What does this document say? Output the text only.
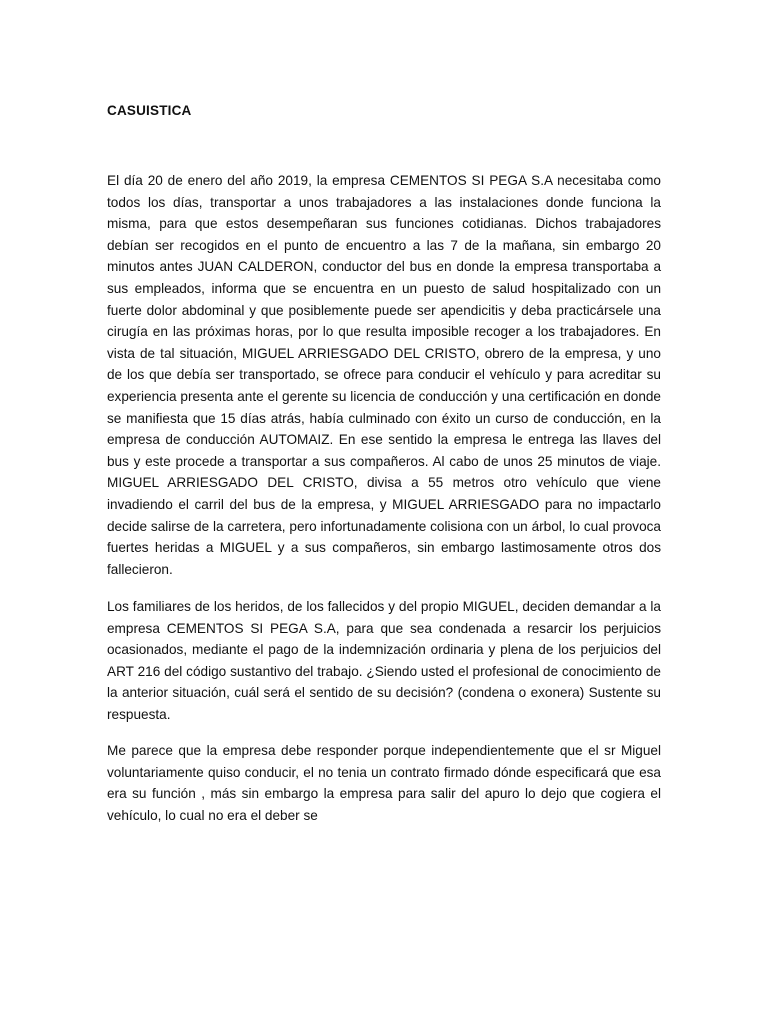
CASUISTICA

El día 20 de enero del año 2019, la empresa CEMENTOS SI PEGA S.A necesitaba como todos los días, transportar a unos trabajadores a las instalaciones donde funciona la misma, para que estos desempeñaran sus funciones cotidianas. Dichos trabajadores debían ser recogidos en el punto de encuentro a las 7 de la mañana, sin embargo 20 minutos antes JUAN CALDERON, conductor del bus en donde la empresa transportaba a sus empleados, informa que se encuentra en un puesto de salud hospitalizado con un fuerte dolor abdominal y que posiblemente puede ser apendicitis y deba practicársele una cirugía en las próximas horas, por lo que resulta imposible recoger a los trabajadores. En vista de tal situación, MIGUEL ARRIESGADO DEL CRISTO, obrero de la empresa, y uno de los que debía ser transportado, se ofrece para conducir el vehículo y para acreditar su experiencia presenta ante el gerente su licencia de conducción y una certificación en donde se manifiesta que 15 días atrás, había culminado con éxito un curso de conducción, en la empresa de conducción AUTOMAIZ. En ese sentido la empresa le entrega las llaves del bus y este procede a transportar a sus compañeros. Al cabo de unos 25 minutos de viaje. MIGUEL ARRIESGADO DEL CRISTO, divisa a 55 metros otro vehículo que viene invadiendo el carril del bus de la empresa, y MIGUEL ARRIESGADO para no impactarlo decide salirse de la carretera, pero infortunadamente colisiona con un árbol, lo cual provoca fuertes heridas a MIGUEL y a sus compañeros, sin embargo lastimosamente otros dos fallecieron.

Los familiares de los heridos, de los fallecidos y del propio MIGUEL, deciden demandar a la empresa CEMENTOS SI PEGA S.A, para que sea condenada a resarcir los perjuicios ocasionados, mediante el pago de la indemnización ordinaria y plena de los perjuicios del ART 216 del código sustantivo del trabajo. ¿Siendo usted el profesional de conocimiento de la anterior situación, cuál será el sentido de su decisión? (condena o exonera) Sustente su respuesta.

Me parece que la empresa debe responder porque independientemente que el sr Miguel voluntariamente quiso conducir, el no tenia un contrato firmado dónde especificará que esa era su función , más sin embargo la empresa para salir del apuro lo dejo que cogiera el vehículo, lo cual no era el deber se
